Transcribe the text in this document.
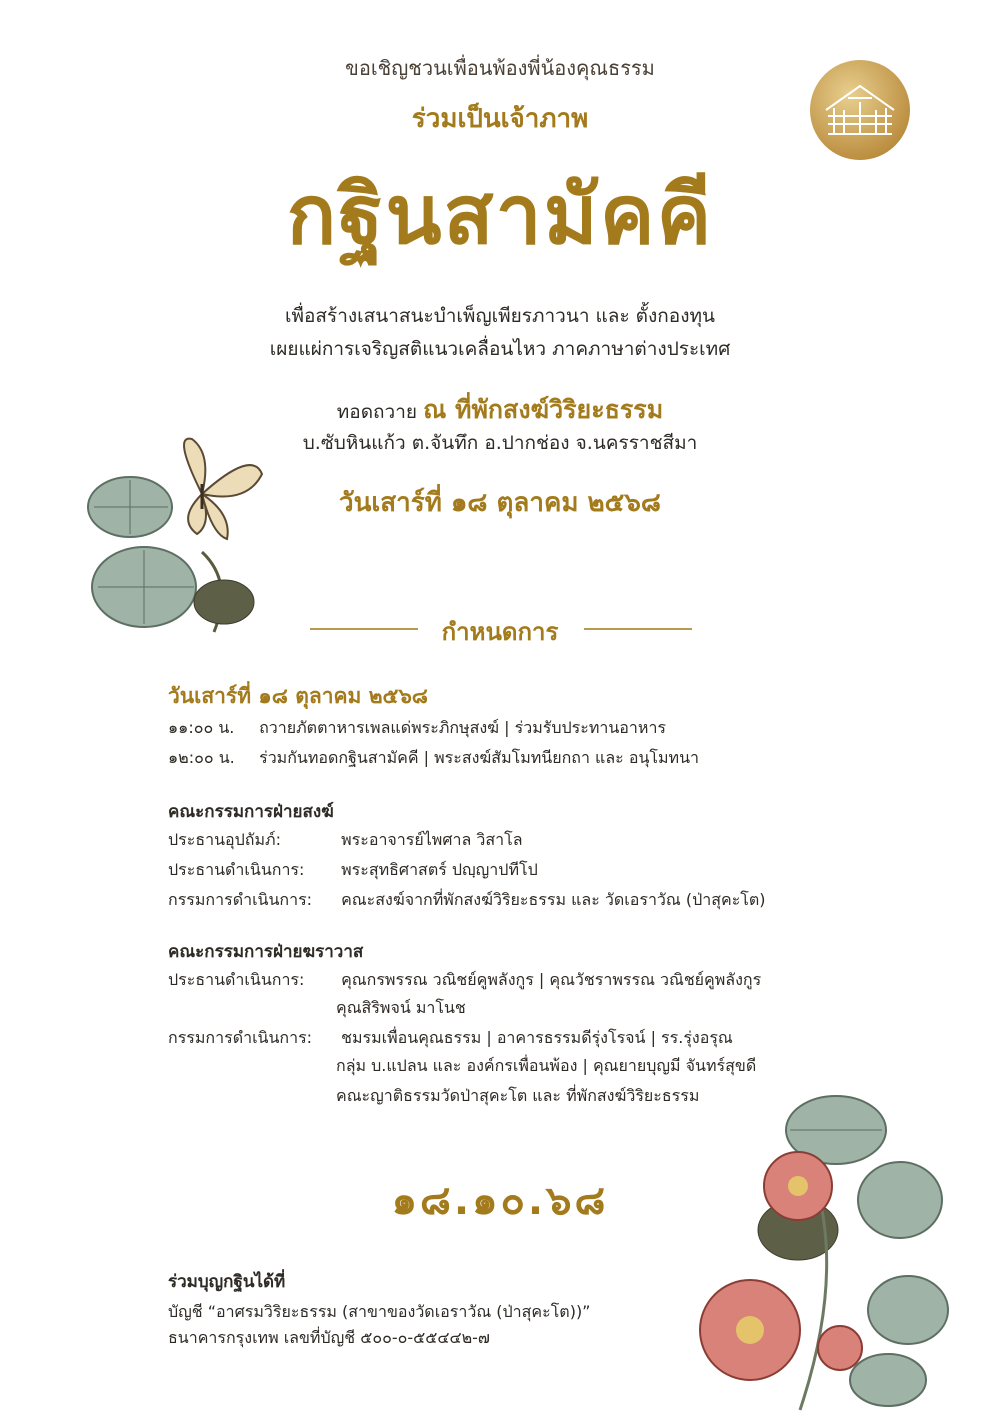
ขอเชิญชวนเพื่อนพ้องพี่น้องคุณธรรม
ร่วมเป็นเจ้าภาพ
กฐินสามัคคี
เพื่อสร้างเสนาสนะบำเพ็ญเพียรภาวนา และ ตั้งกองทุน
เผยแผ่การเจริญสติแนวเคลื่อนไหว ภาคภาษาต่างประเทศ
ทอดถวาย ณ ที่พักสงฆ์วิริยะธรรม
บ.ซับหินแก้ว ต.จันทึก อ.ปากช่อง จ.นครราชสีมา
วันเสาร์ที่ ๑๘ ตุลาคม ๒๕๖๘
กำหนดการ
วันเสาร์ที่ ๑๘ ตุลาคม ๒๕๖๘
๑๑:๐๐ น. ถวายภัตตาหารเพลแด่พระภิกษุสงฆ์ | ร่วมรับประทานอาหาร
๑๒:๐๐ น. ร่วมกันทอดกฐินสามัคคี | พระสงฆ์สัมโมทนียกถา และ อนุโมทนา
คณะกรรมการฝ่ายสงฆ์
ประธานอุปถัมภ์:	พระอาจารย์ไพศาล วิสาโล
ประธานดำเนินการ: พระสุทธิศาสตร์ ปญฺญาปทีโป
กรรมการดำเนินการ: คณะสงฆ์จากที่พักสงฆ์วิริยะธรรม และ วัดเอราวัณ (ป่าสุคะโต)
คณะกรรมการฝ่ายฆราวาส
ประธานดำเนินการ: คุณกรพรรณ วณิชย์คูพลังกูร | คุณวัชราพรรณ วณิชย์คูพลังกูร
คุณสิริพจน์ มาโนช
กรรมการดำเนินการ: ชมรมเพื่อนคุณธรรม | อาคารธรรมดีรุ่งโรจน์ | รร.รุ่งอรุณ
กลุ่ม บ.แปลน และ องค์กรเพื่อนพ้อง | คุณยายบุญมี จันทร์สุขดี
คณะญาติธรรมวัดป่าสุคะโต และ ที่พักสงฆ์วิริยะธรรม
๑๘.๑๐.๖๘
ร่วมบุญกฐินได้ที่
บัญชี “อาศรมวิริยะธรรม (สาขาของวัดเอราวัณ (ป่าสุคะโต))”
ธนาคารกรุงเทพ เลขที่บัญชี ๕๐๐-๐-๕๕๔๔๒-๗
